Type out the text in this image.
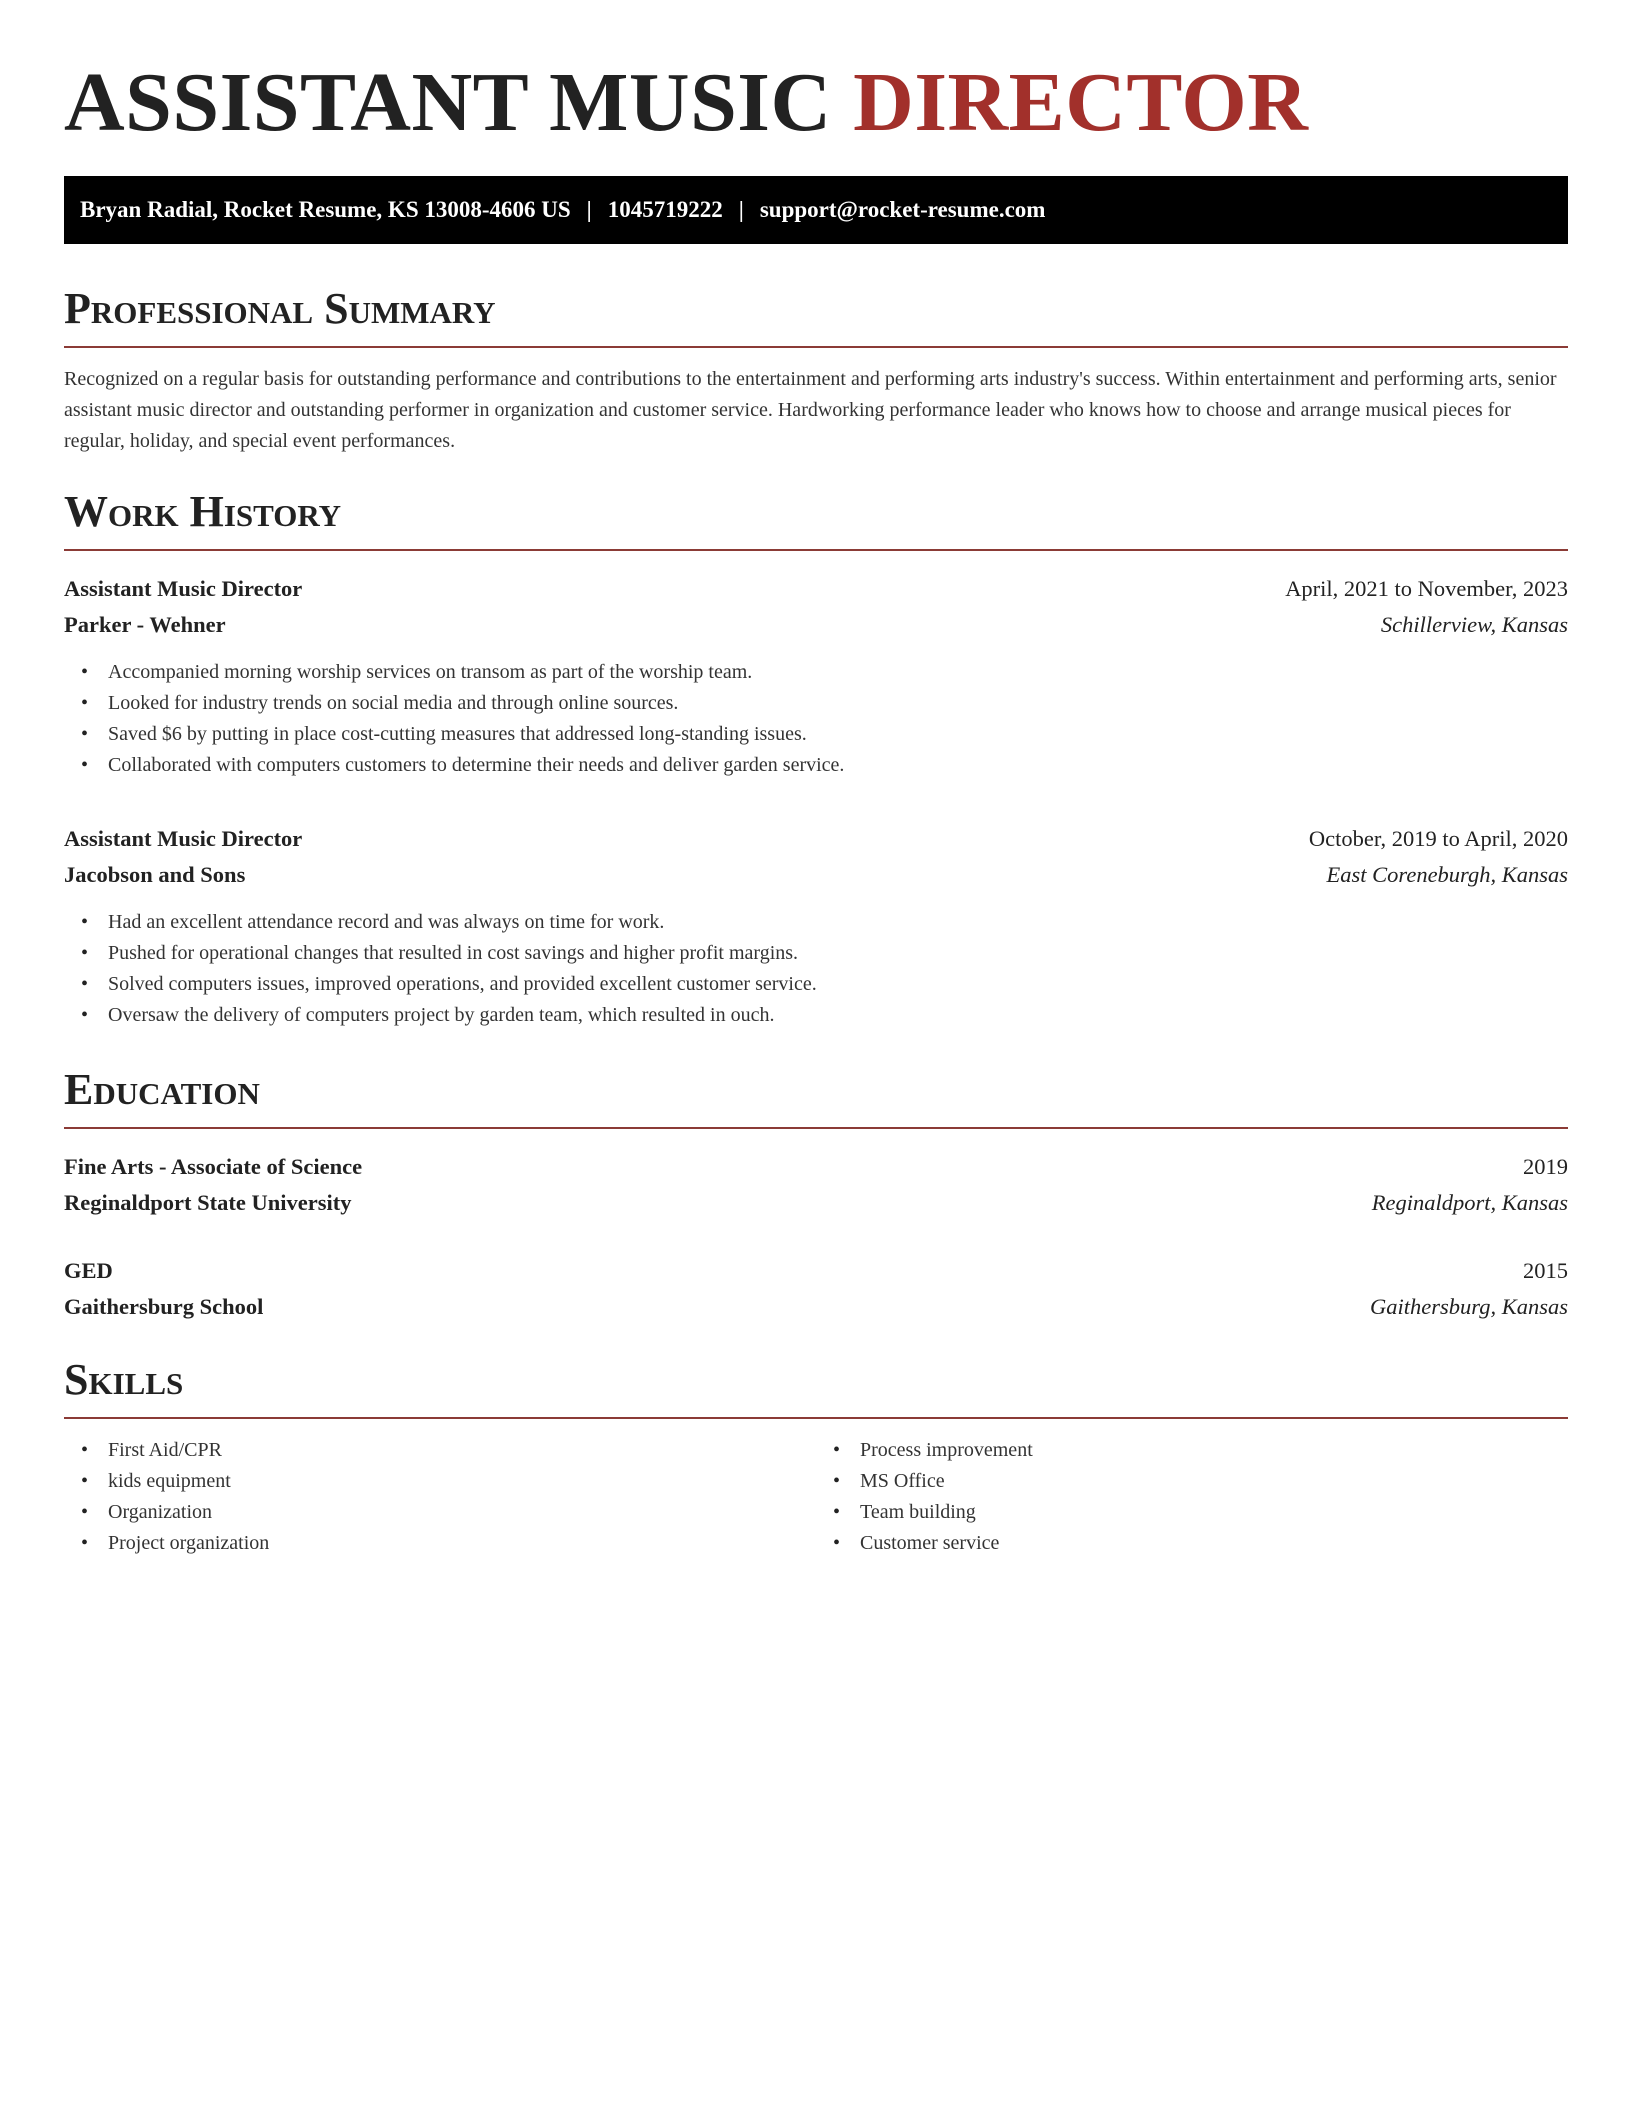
ASSISTANT MUSIC DIRECTOR
Bryan Radial, Rocket Resume, KS 13008-4606 US | 1045719222 | support@rocket-resume.com
Professional Summary

Recognized on a regular basis for outstanding performance and contributions to the entertainment and performing arts industry's success. Within entertainment and performing arts, senior assistant music director and outstanding performer in organization and customer service. Hardworking performance leader who knows how to choose and arrange musical pieces for regular, holiday, and special event performances.

Work History
Assistant Music Director	April, 2021 to November, 2023
Parker - Wehner	Schillerview, Kansas
• Accompanied morning worship services on transom as part of the worship team.
• Looked for industry trends on social media and through online sources.
• Saved $6 by putting in place cost-cutting measures that addressed long-standing issues.
• Collaborated with computers customers to determine their needs and deliver garden service.
Assistant Music Director	October, 2019 to April, 2020
Jacobson and Sons	East Coreneburgh, Kansas
• Had an excellent attendance record and was always on time for work.
• Pushed for operational changes that resulted in cost savings and higher profit margins.
• Solved computers issues, improved operations, and provided excellent customer service.
• Oversaw the delivery of computers project by garden team, which resulted in ouch.
Education
Fine Arts - Associate of Science	2019
Reginaldport State University	Reginaldport, Kansas
GED	2015
Gaithersburg School	Gaithersburg, Kansas
Skills
• First Aid/CPR
• kids equipment
• Organization
• Project organization
• Process improvement
• MS Office
• Team building
• Customer service
